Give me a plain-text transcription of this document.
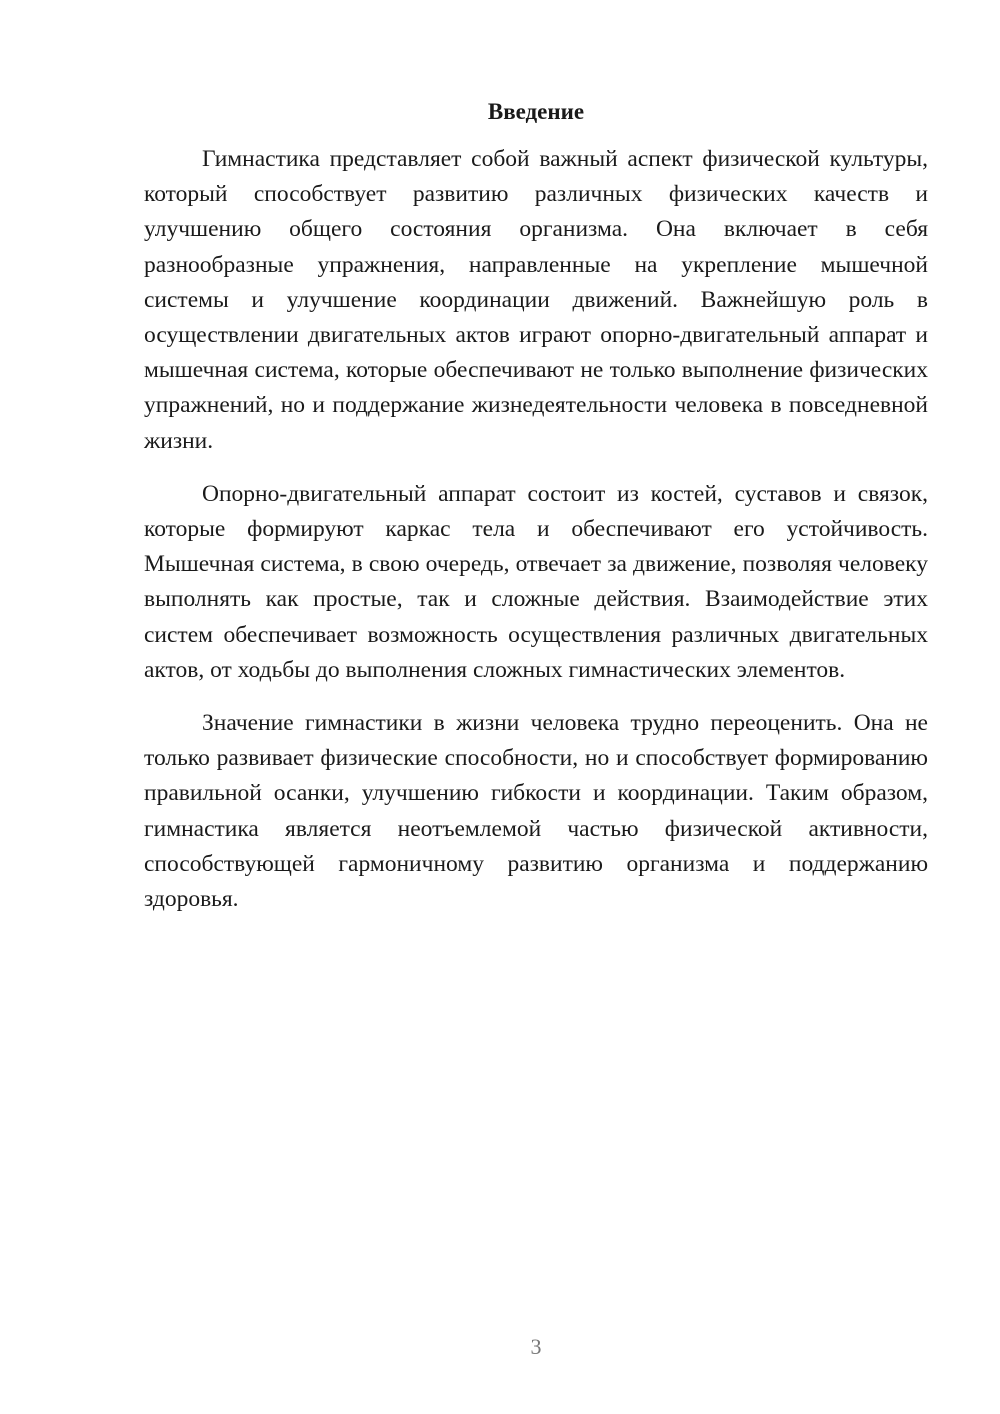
Введение

Гимнастика представляет собой важный аспект физической культуры, который способствует развитию различных физических качеств и улучшению общего состояния организма. Она включает в себя разнообразные упражнения, направленные на укрепление мышечной системы и улучшение координации движений. Важнейшую роль в осуществлении двигательных актов играют опорно-двигательный аппарат и мышечная система, которые обеспечивают не только выполнение физических упражнений, но и поддержание жизнедеятельности человека в повседневной жизни.

Опорно-двигательный аппарат состоит из костей, суставов и связок, которые формируют каркас тела и обеспечивают его устойчивость. Мышечная система, в свою очередь, отвечает за движение, позволяя человеку выполнять как простые, так и сложные действия. Взаимодействие этих систем обеспечивает возможность осуществления различных двигательных актов, от ходьбы до выполнения сложных гимнастических элементов.

Значение гимнастики в жизни человека трудно переоценить. Она не только развивает физические способности, но и способствует формированию правильной осанки, улучшению гибкости и координации. Таким образом, гимнастика является неотъемлемой частью физической активности, способствующей гармоничному развитию организма и поддержанию здоровья.

3
